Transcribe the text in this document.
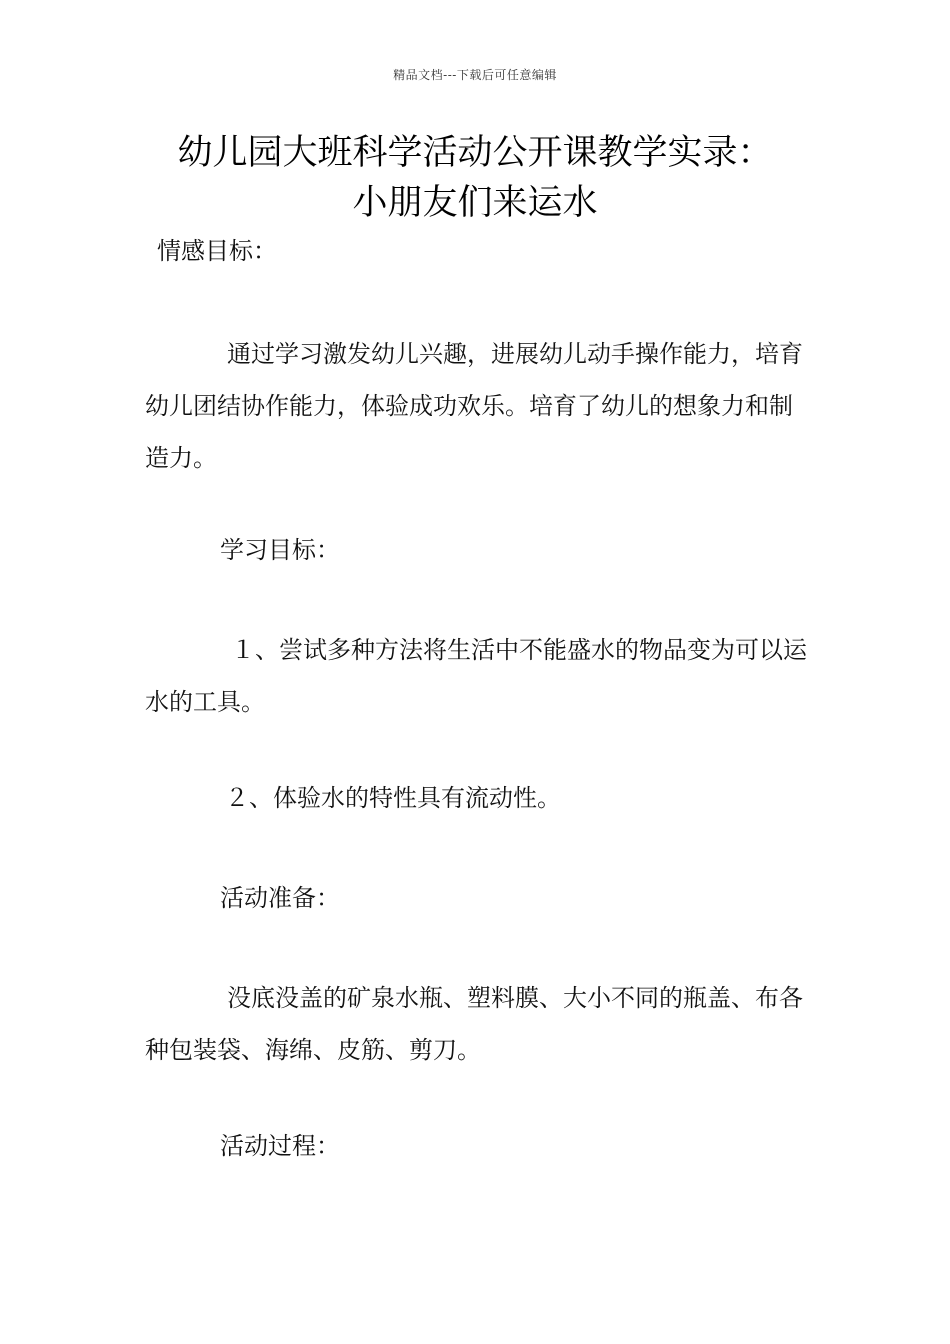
精品文档---下载后可任意编辑
幼儿园大班科学活动公开课教学实录：
小朋友们来运水

情感目标：

通过学习激发幼儿兴趣，进展幼儿动手操作能力，培育幼儿团结协作能力，体验成功欢乐。培育了幼儿的想象力和制造力。

学习目标：

１、尝试多种方法将生活中不能盛水的物品变为可以运水的工具。

２、体验水的特性具有流动性。

活动准备：

没底没盖的矿泉水瓶、塑料膜、大小不同的瓶盖、布各种包装袋、海绵、皮筋、剪刀。

活动过程：
